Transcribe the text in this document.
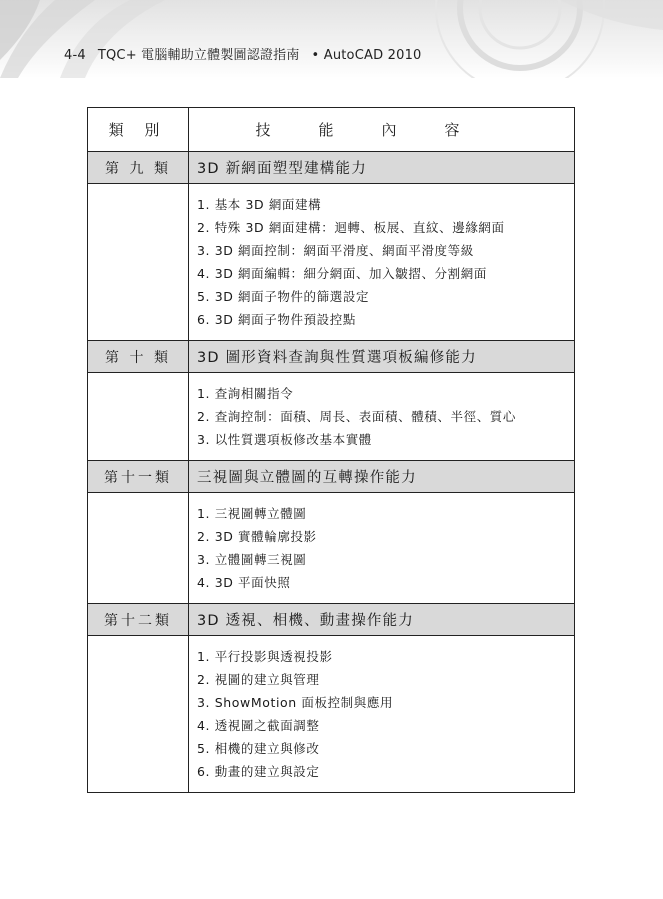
4-4 TQC+ 電腦輔助立體製圖認證指南 • AutoCAD 2010
類 別	技能內容
第 九 類	3D 新網面塑型建構能力
1. 基本 3D 網面建構
2. 特殊 3D 網面建構：迴轉、板展、直紋、邊緣網面
3. 3D 網面控制：網面平滑度、網面平滑度等級
4. 3D 網面編輯：細分網面、加入皺摺、分割網面
5. 3D 網面子物件的篩選設定
6. 3D 網面子物件預設控點
第 十 類	3D 圖形資料查詢與性質選項板編修能力
1. 查詢相關指令
2. 查詢控制：面積、周長、表面積、體積、半徑、質心
3. 以性質選項板修改基本實體
第十一類	三視圖與立體圖的互轉操作能力
1. 三視圖轉立體圖
2. 3D 實體輪廓投影
3. 立體圖轉三視圖
4. 3D 平面快照
第十二類	3D 透視、相機、動畫操作能力
1. 平行投影與透視投影
2. 視圖的建立與管理
3. ShowMotion 面板控制與應用
4. 透視圖之截面調整
5. 相機的建立與修改
6. 動畫的建立與設定
